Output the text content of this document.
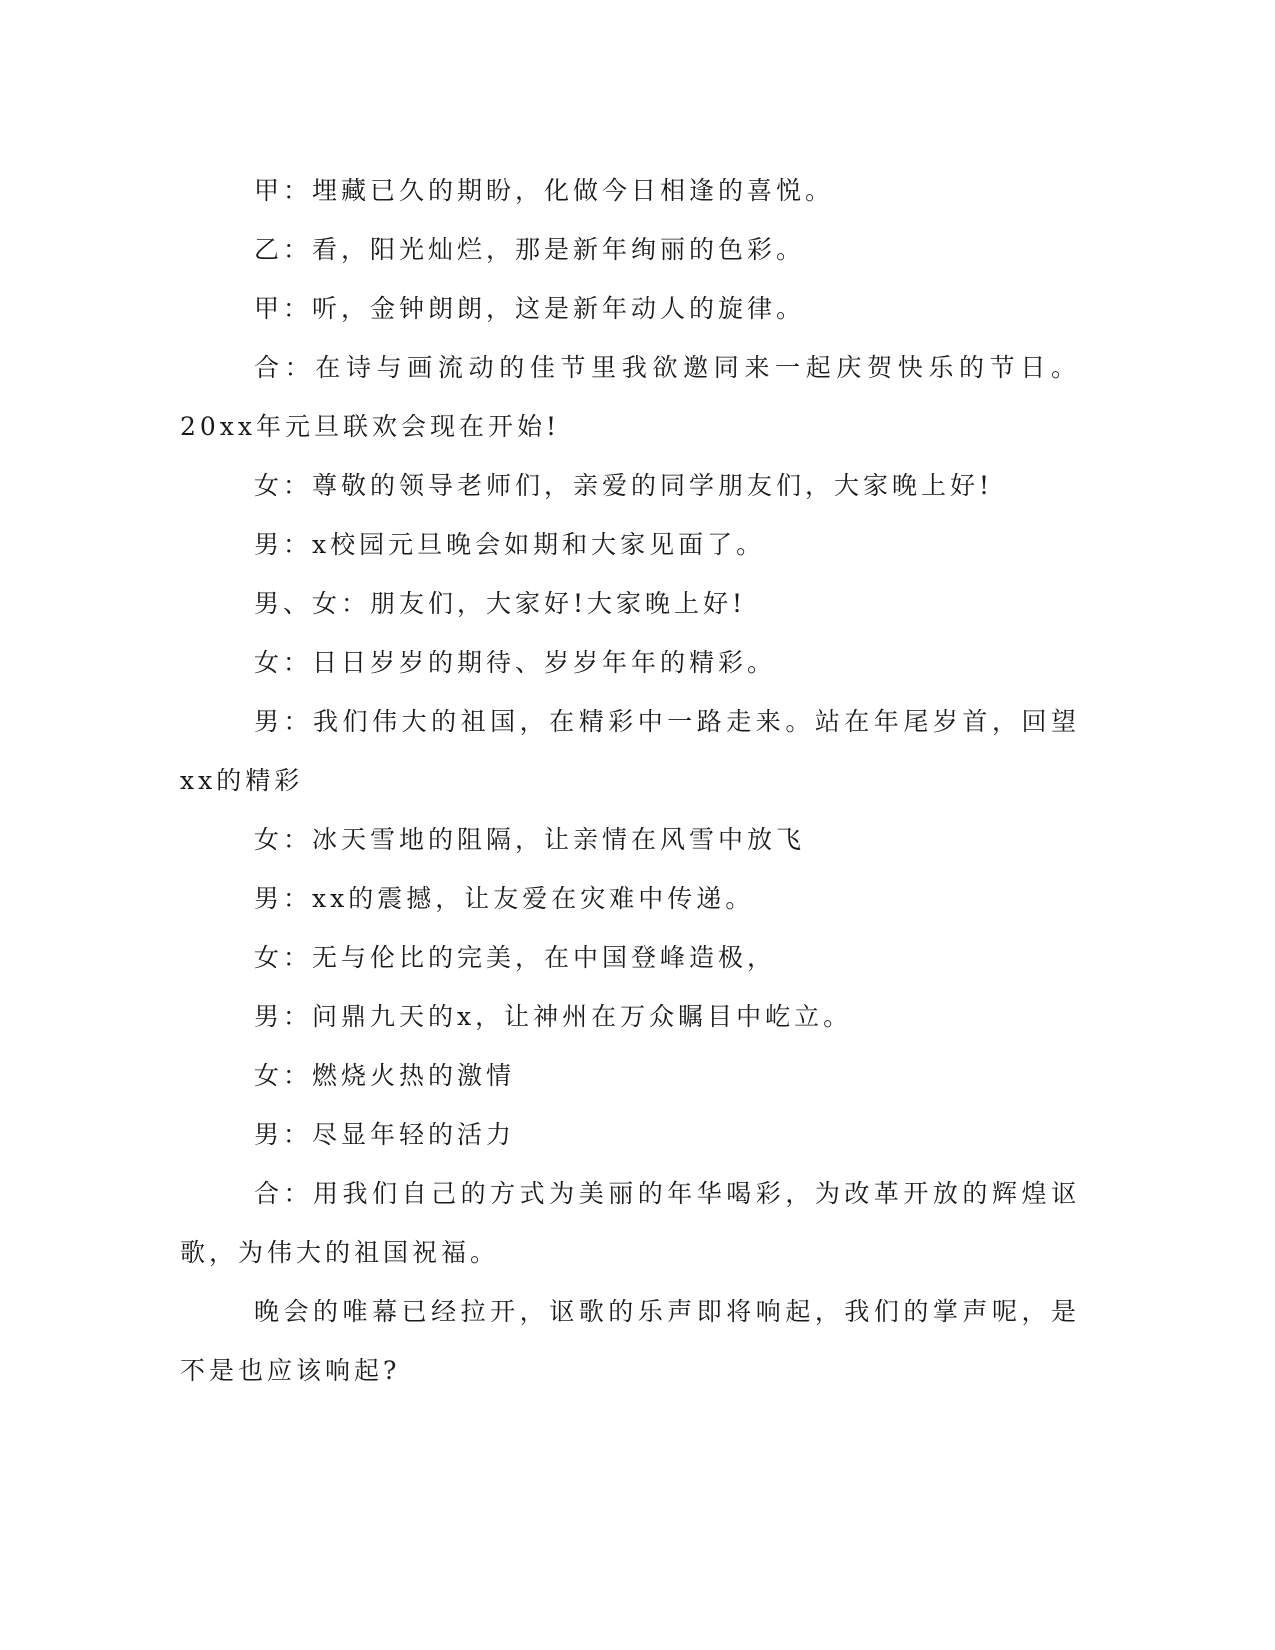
甲：埋藏已久的期盼，化做今日相逢的喜悦。

乙：看，阳光灿烂，那是新年绚丽的色彩。

甲：听，金钟朗朗，这是新年动人的旋律。

合：在诗与画流动的佳节里我欲邀同来一起庆贺快乐的节日。20xx年元旦联欢会现在开始!

女：尊敬的领导老师们，亲爱的同学朋友们，大家晚上好!

男：x校园元旦晚会如期和大家见面了。

男、女：朋友们，大家好!大家晚上好!

女：日日岁岁的期待、岁岁年年的精彩。

男：我们伟大的祖国，在精彩中一路走来。站在年尾岁首，回望xx的精彩

女：冰天雪地的阻隔，让亲情在风雪中放飞

男：xx的震撼，让友爱在灾难中传递。

女：无与伦比的完美，在中国登峰造极，

男：问鼎九天的x，让神州在万众瞩目中屹立。

女：燃烧火热的激情

男：尽显年轻的活力

合：用我们自己的方式为美丽的年华喝彩，为改革开放的辉煌讴歌，为伟大的祖国祝福。

晚会的唯幕已经拉开，讴歌的乐声即将响起，我们的掌声呢，是不是也应该响起?
